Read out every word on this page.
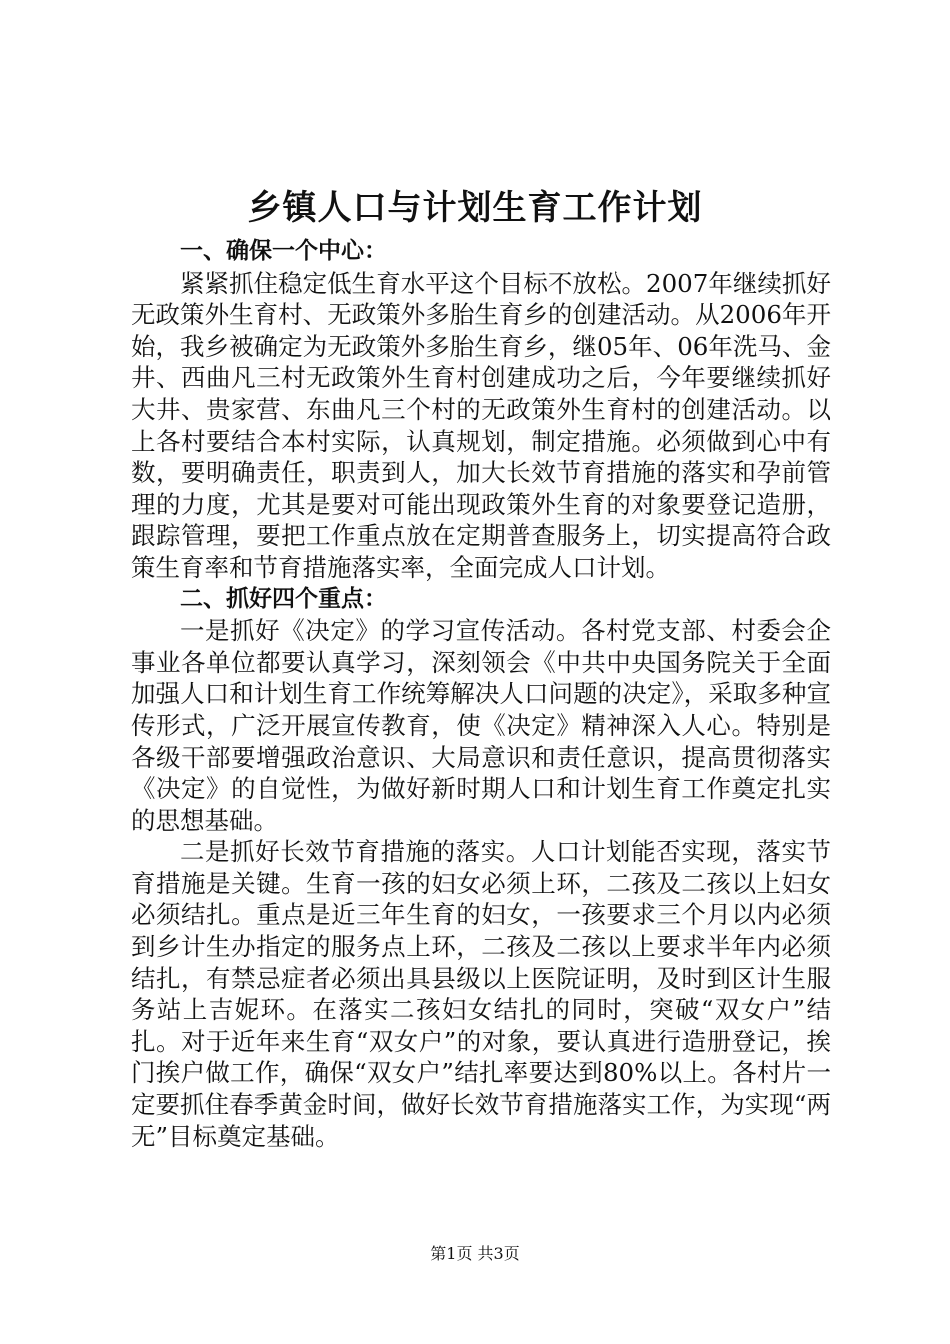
乡镇人口与计划生育工作计划
一、确保一个中心：

紧紧抓住稳定低生育水平这个目标不放松。2007年继续抓好无政策外生育村、无政策外多胎生育乡的创建活动。从2006年开始，我乡被确定为无政策外多胎生育乡，继05年、06年洗马、金井、西曲凡三村无政策外生育村创建成功之后，今年要继续抓好大井、贵家营、东曲凡三个村的无政策外生育村的创建活动。以上各村要结合本村实际，认真规划，制定措施。必须做到心中有数，要明确责任，职责到人，加大长效节育措施的落实和孕前管理的力度，尤其是要对可能出现政策外生育的对象要登记造册，跟踪管理，要把工作重点放在定期普查服务上，切实提高符合政策生育率和节育措施落实率，全面完成人口计划。

二、抓好四个重点：

一是抓好《决定》的学习宣传活动。各村党支部、村委会企事业各单位都要认真学习，深刻领会《中共中央国务院关于全面加强人口和计划生育工作统筹解决人口问题的决定》，采取多种宣传形式，广泛开展宣传教育，使《决定》精神深入人心。特别是各级干部要增强政治意识、大局意识和责任意识，提高贯彻落实《决定》的自觉性，为做好新时期人口和计划生育工作奠定扎实的思想基础。

二是抓好长效节育措施的落实。人口计划能否实现，落实节育措施是关键。生育一孩的妇女必须上环，二孩及二孩以上妇女必须结扎。重点是近三年生育的妇女，一孩要求三个月以内必须到乡计生办指定的服务点上环，二孩及二孩以上要求半年内必须结扎，有禁忌症者必须出具县级以上医院证明，及时到区计生服务站上吉妮环。在落实二孩妇女结扎的同时，突破“双女户”结扎。对于近年来生育“双女户”的对象，要认真进行造册登记，挨门挨户做工作，确保“双女户”结扎率要达到80%以上。各村片一定要抓住春季黄金时间，做好长效节育措施落实工作，为实现“两无”目标奠定基础。

第1页 共3页
